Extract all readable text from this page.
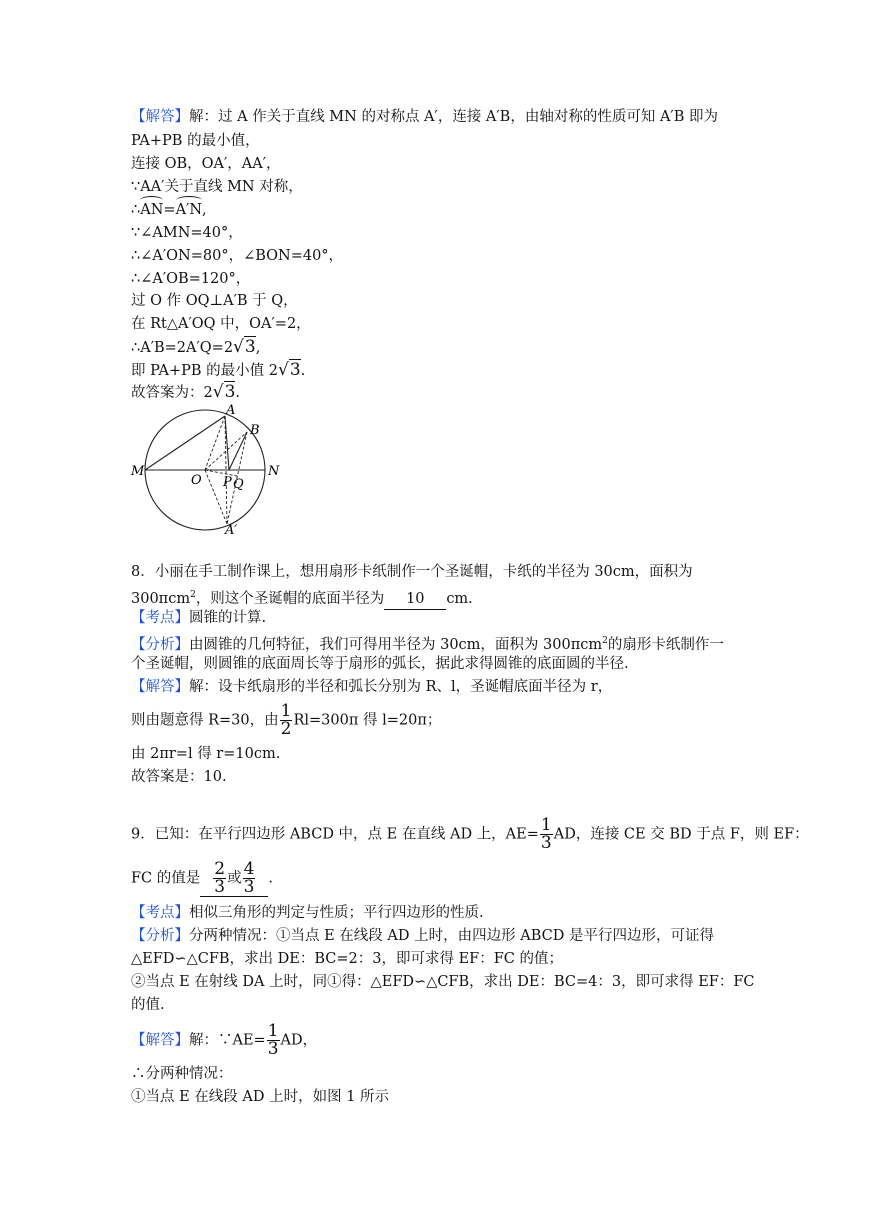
【解答】解：过 A 作关于直线 MN 的对称点 A′，连接 A′B，由轴对称的性质可知 A′B 即为
PA+PB 的最小值，
连接 OB，OA′，AA′，
∵AA′关于直线 MN 对称，
∴AN=A′N,
∵∠AMN=40°，
∴∠A′ON=80°，∠BON=40°，
∴∠A′OB=120°，
过 O 作 OQ⊥A′B 于 Q，
在 Rt△A′OQ 中，OA′=2，
∴A′B=2A′Q=2√3,
即 PA+PB 的最小值 2√3.
故答案为：2√3.
A
B
M	N
O P Q
A′
8．小丽在手工制作课上，想用扇形卡纸制作一个圣诞帽，卡纸的半径为 30cm，面积为
300πcm$^2$，则这个圣诞帽的底面半径为 10 cm.
【考点】圆锥的计算.
【分析】由圆锥的几何特征，我们可得用半径为 30cm，面积为 300πcm$^2$的扇形卡纸制作一
个圣诞帽，则圆锥的底面周长等于扇形的弧长，据此求得圆锥的底面圆的半径.
【解答】解：设卡纸扇形的半径和弧长分别为 R、l，圣诞帽底面半径为 r，
则由题意得 R=30，由 $\frac{1}{2} Rl=300\pi$ 得 l=20π；
由 2πr=l 得 r=10cm.
故答案是：10.
9．已知：在平行四边形 ABCD 中，点 E 在直线 AD 上，$AE= \frac{1}{3}$ AD，连接 CE 交 BD 于点 F，则 EF：
FC 的值是 $\frac{2}{3}$ 或 $\frac{4}{3}$ .
【考点】相似三角形的判定与性质；平行四边形的性质.
【分析】分两种情况：①当点 E 在线段 AD 上时，由四边形 ABCD 是平行四边形，可证得
△EFD∽△CFB，求出 DE：BC=2：3，即可求得 EF：FC 的值；
②当点 E 在射线 DA 上时，同①得：△EFD∽△CFB，求出 DE：BC=4：3，即可求得 EF：FC
的值.
【解答】解：∵AE= $\frac{1}{3}$ AD，
∴分两种情况：
①当点 E 在线段 AD 上时，如图 1 所示
